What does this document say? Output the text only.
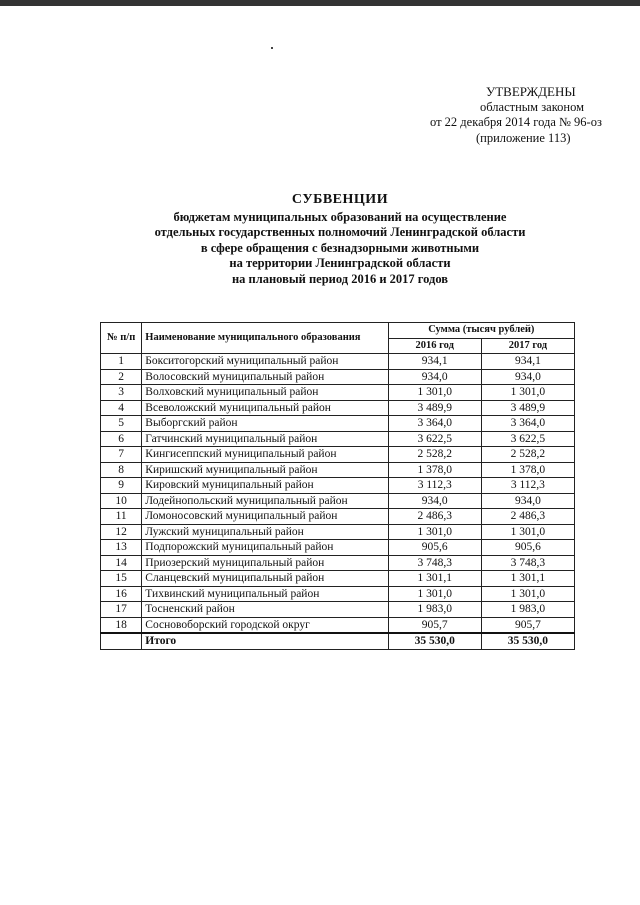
УТВЕРЖДЕНЫ
областным законом
от 22 декабря 2014 года № 96-оз
(приложение 113)
СУБВЕНЦИИ
бюджетам муниципальных образований на осуществление
отдельных государственных полномочий Ленинградской области
в сфере обращения с безнадзорными животными
на территории Ленинградской области
на плановый период 2016 и 2017 годов
№ п/п	Наименование муниципального образования	Сумма (тысяч рублей)	
		2016 год	2017 год
1	Бокситогорский муниципальный район	934,1	934,1
2	Волосовский муниципальный район	934,0	934,0
3	Волховский муниципальный район	1 301,0	1 301,0
4	Всеволожский муниципальный район	3 489,9	3 489,9
5	Выборгский район	3 364,0	3 364,0
6	Гатчинский муниципальный район	3 622,5	3 622,5
7	Кингисеппский муниципальный район	2 528,2	2 528,2
8	Киришский муниципальный район	1 378,0	1 378,0
9	Кировский муниципальный район	3 112,3	3 112,3
10	Лодейнопольский муниципальный район	934,0	934,0
11	Ломоносовский муниципальный район	2 486,3	2 486,3
12	Лужский муниципальный район	1 301,0	1 301,0
13	Подпорожский муниципальный район	905,6	905,6
14	Приозерский муниципальный район	3 748,3	3 748,3
15	Сланцевский муниципальный район	1 301,1	1 301,1
16	Тихвинский муниципальный район	1 301,0	1 301,0
17	Тосненский район	1 983,0	1 983,0
18	Сосновоборский городской округ	905,7	905,7
	Итого	35 530,0	35 530,0
